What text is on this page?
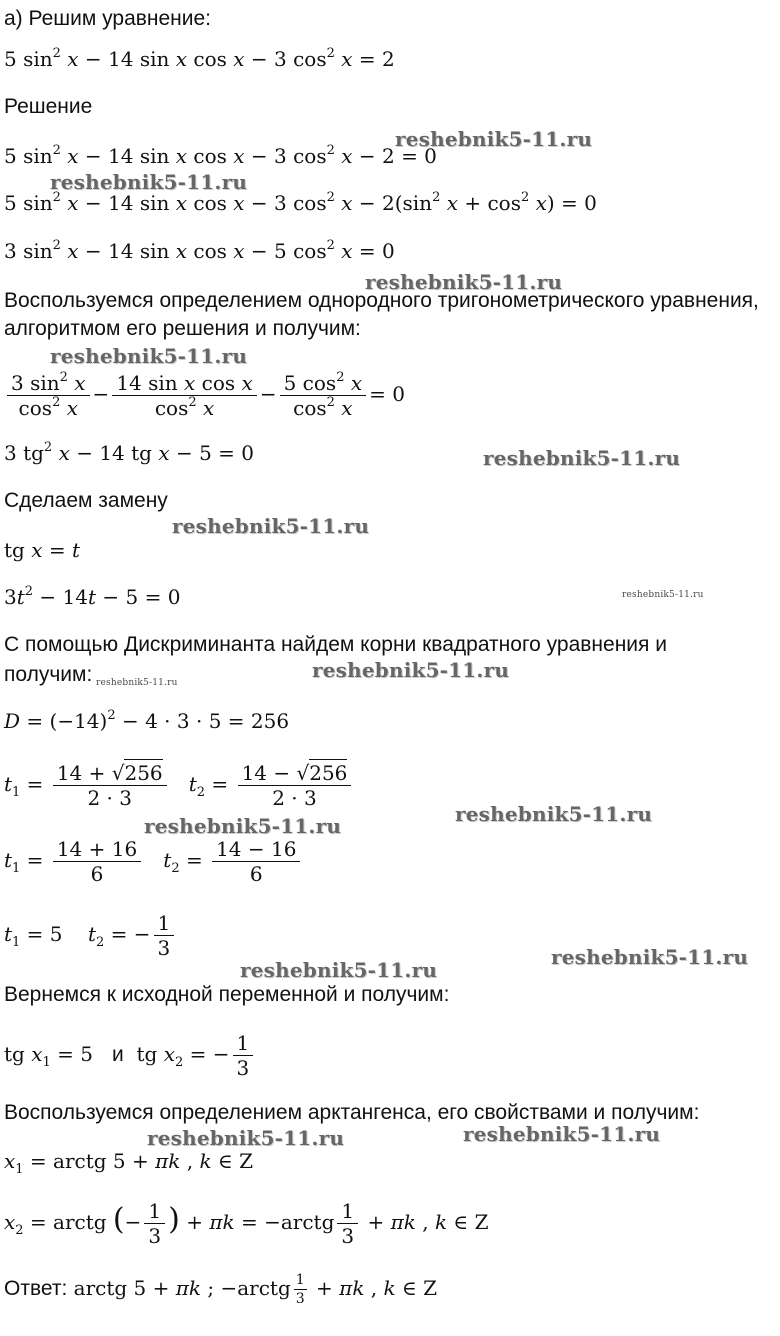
а) Решим уравнение:
5 $\sin^2 x - 14$ sin x cos x − 3 $\cos^2 x = 2$
Решение
5 $\sin^2 x - 14$ sin x cos x − 3 $\cos^2 x - 2 = 0$
5 $\sin^2 x - 14$ sin x cos x − 3 $\cos^2 x - 2(\sin^2$ $x + \cos^2 x) = 0$
3 $\sin^2 x - 14$ sin x cos x − 5 $\cos^2 x = 0$
Воспользуемся определением однородного тригонометрического уравнения,
алгоритмом его решения и получим:
$\frac{3 \sin^2 x}{\cos^2 x} - \frac{\text{14 sin x cos x}}{\cos^2 x} - \frac{5 \cos^2 x}{\cos^2 x} = 0$
3 $tg^2$ x − 14 tg x − 5 = 0
Сделаем замену
tg x = t
$3t^2 - 14t - 5 = 0$
С помощью Дискриминанта найдем корни квадратного уравнения и
получим:
$D = (-14)^2 - 4 \cdot 3 \cdot 5 = 256$
$t_1 = \frac{14 + √256}{2 \cdot 3} t_2 = \frac{14 - √256}{2 \cdot 3}$
$t_1 = \frac{14 + 16}{6} t_2 = \frac{14 - 16}{6}$
$t_1 = 5$    $t_2$ = − $\frac{1}{3}$
Вернемся к исходной переменной и получим:
tg $x_1 = 5$   и  tg $x_2$ = − $\frac{1}{3}$
Воспользуемся определением арктангенса, его свойствами и получим:
$x_1$ = arctg 5 + πk , k ∈ Z
$x_2$ = arctg (− $\frac{1}{3}$ ) + πk = −arctg $\frac{1}{3} + \pi k$ , k ∈ Z
Ответ: arctg 5 + πk ; −arctg $\frac{1}{3} + \pi k$ , k ∈ Z
reshebnik5-11.ru
reshebnik5-11.ru
reshebnik5-11.ru
reshebnik5-11.ru
reshebnik5-11.ru
reshebnik5-11.ru
reshebnik5-11.ru
reshebnik5-11.ru
reshebnik5-11.ru
reshebnik5-11.ru
reshebnik5-11.ru
reshebnik5-11.ru
reshebnik5-11.ru
reshebnik5-11.ru
reshebnik5-11.ru
